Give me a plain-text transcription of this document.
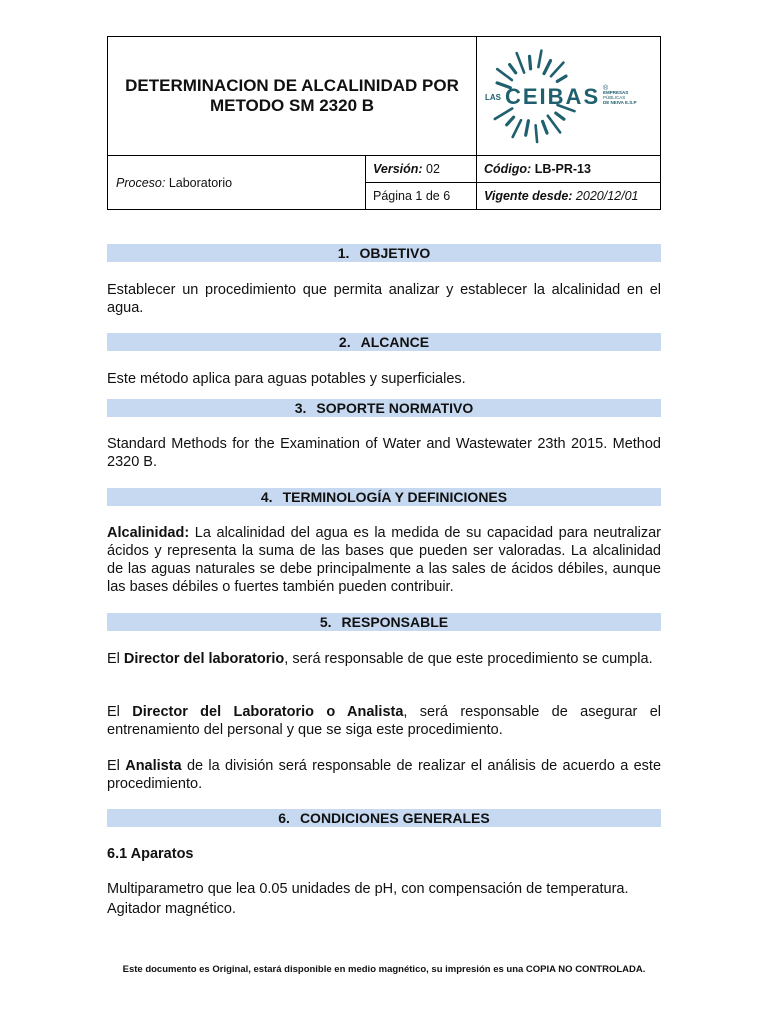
DETERMINACION DE ALCALINIDAD POR
METODO SM 2320 B	LAS CEIBAS ®
EMPRESAS
PÚBLICAS
DE NEIVA E.S.P
Proceso: Laboratorio
Versión: 02	Código: LB-PR-13
Página 1 de 6	Vigente desde: 2020/12/01
1. OBJETIVO

Establecer un procedimiento que permita analizar y establecer la alcalinidad en el agua.

2. ALCANCE

Este método aplica para aguas potables y superficiales.

3. SOPORTE NORMATIVO

Standard Methods for the Examination of Water and Wastewater 23th 2015. Method 2320 B.

4. TERMINOLOGÍA Y DEFINICIONES

Alcalinidad: La alcalinidad del agua es la medida de su capacidad para neutralizar ácidos y representa la suma de las bases que pueden ser valoradas. La alcalinidad de las aguas naturales se debe principalmente a las sales de ácidos débiles, aunque las bases débiles o fuertes también pueden contribuir.

5. RESPONSABLE

El Director del laboratorio, será responsable de que este procedimiento se cumpla.

El Director del Laboratorio o Analista, será responsable de asegurar el entrenamiento del personal y que se siga este procedimiento.

El Analista de la división será responsable de realizar el análisis de acuerdo a este procedimiento.

6. CONDICIONES GENERALES
6.1 Aparatos

Multiparametro que lea 0.05 unidades de pH, con compensación de temperatura.

Agitador magnético.

Este documento es Original, estará disponible en medio magnético, su impresión es una COPIA NO CONTROLADA.
